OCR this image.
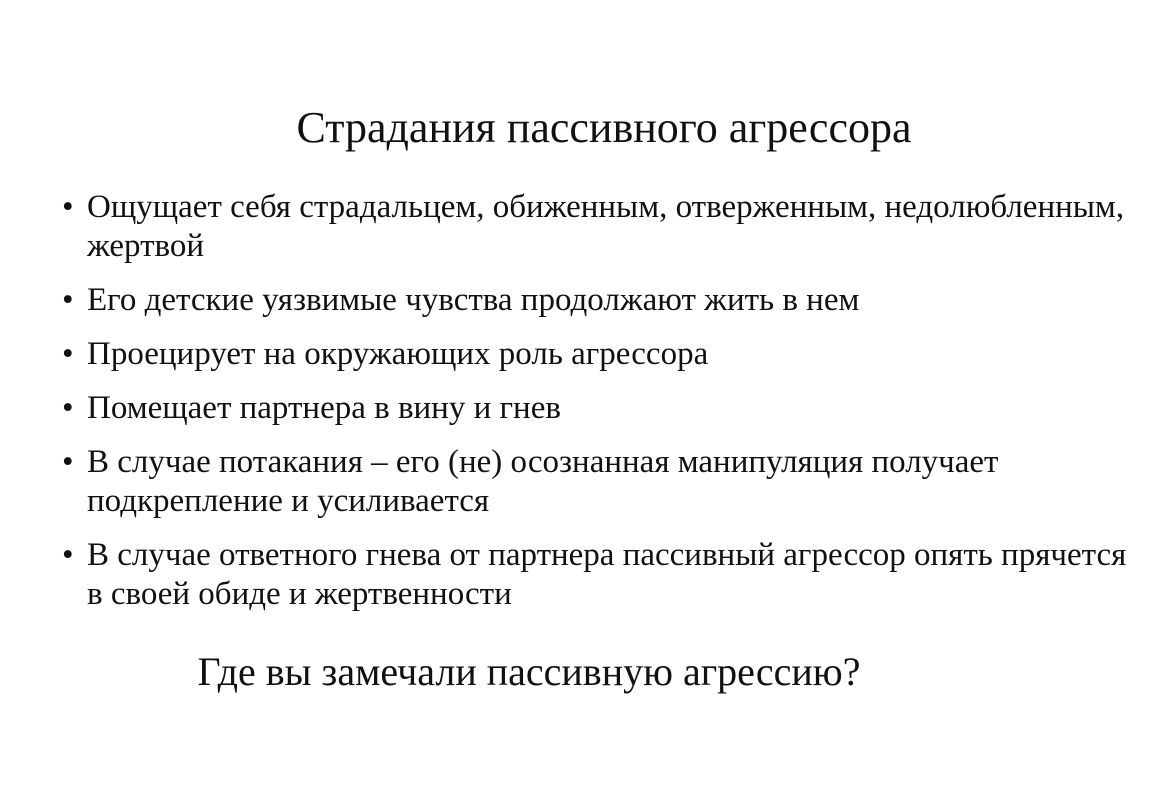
Страдания пассивного агрессора
• Ощущает себя страдальцем, обиженным, отверженным, недолюбленным, жертвой
• Его детские уязвимые чувства продолжают жить в нем
• Проецирует на окружающих роль агрессора
• Помещает партнера в вину и гнев
• В случае потакания – его (не) осознанная манипуляция получает подкрепление и усиливается
• В случае ответного гнева от партнера пассивный агрессор опять прячется в своей обиде и жертвенности
Где вы замечали пассивную агрессию?
